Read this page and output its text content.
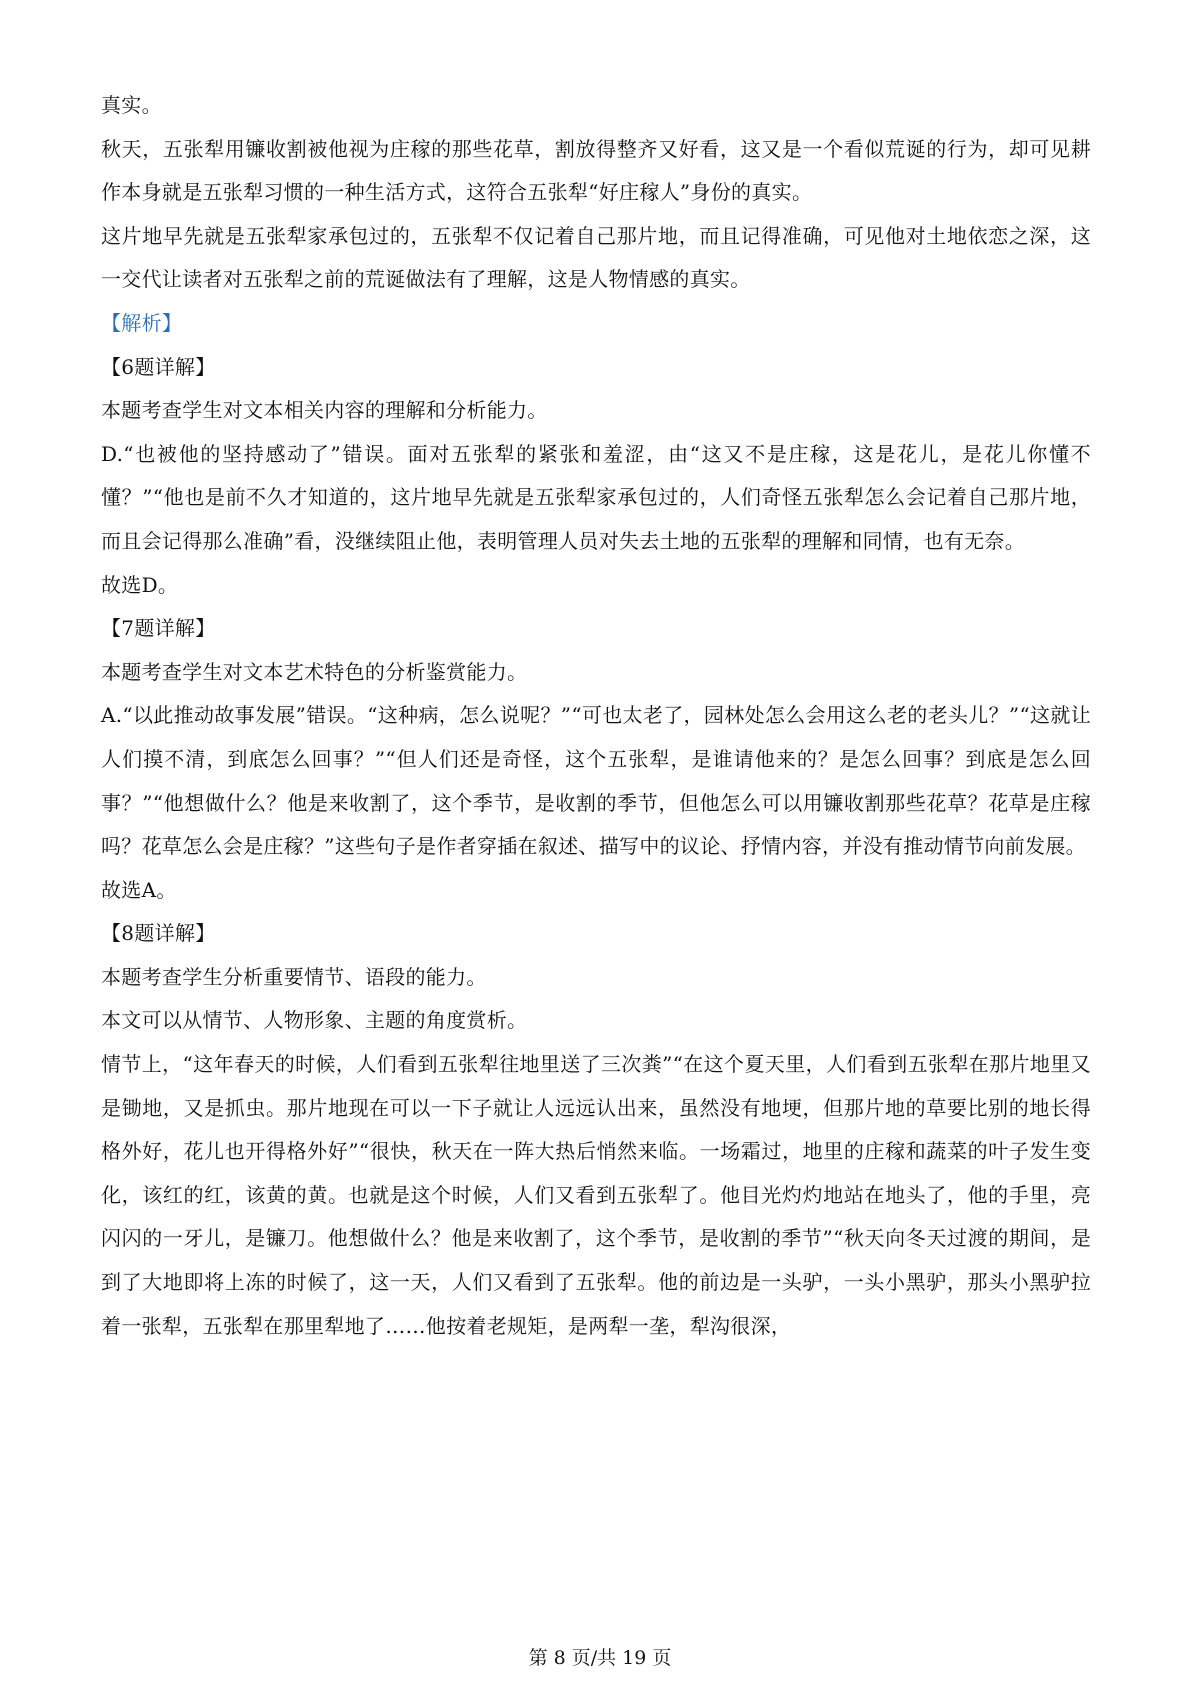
真实。

秋天，五张犁用镰收割被他视为庄稼的那些花草，割放得整齐又好看，这又是一个看似荒诞的行为，却可见耕作本身就是五张犁习惯的一种生活方式，这符合五张犁“好庄稼人”身份的真实。

这片地早先就是五张犁家承包过的，五张犁不仅记着自己那片地，而且记得准确，可见他对土地依恋之深，这一交代让读者对五张犁之前的荒诞做法有了理解，这是人物情感的真实。

【解析】

【6题详解】

本题考查学生对文本相关内容的理解和分析能力。

D.“也被他的坚持感动了”错误。面对五张犁的紧张和羞涩，由“这又不是庄稼，这是花儿，是花儿你懂不懂？”“他也是前不久才知道的，这片地早先就是五张犁家承包过的，人们奇怪五张犁怎么会记着自己那片地，而且会记得那么准确”看，没继续阻止他，表明管理人员对失去土地的五张犁的理解和同情，也有无奈。

故选D。

【7题详解】

本题考查学生对文本艺术特色的分析鉴赏能力。

A.“以此推动故事发展”错误。“这种病，怎么说呢？”“可也太老了，园林处怎么会用这么老的老头儿？”“这就让人们摸不清，到底怎么回事？”“但人们还是奇怪，这个五张犁，是谁请他来的？是怎么回事？到底是怎么回事？”“他想做什么？他是来收割了，这个季节，是收割的季节，但他怎么可以用镰收割那些花草？花草是庄稼吗？花草怎么会是庄稼？”这些句子是作者穿插在叙述、描写中的议论、抒情内容，并没有推动情节向前发展。

故选A。

【8题详解】

本题考查学生分析重要情节、语段的能力。

本文可以从情节、人物形象、主题的角度赏析。

情节上，“这年春天的时候，人们看到五张犁往地里送了三次粪”“在这个夏天里，人们看到五张犁在那片地里又是锄地，又是抓虫。那片地现在可以一下子就让人远远认出来，虽然没有地埂，但那片地的草要比别的地长得格外好，花儿也开得格外好”“很快，秋天在一阵大热后悄然来临。一场霜过，地里的庄稼和蔬菜的叶子发生变化，该红的红，该黄的黄。也就是这个时候，人们又看到五张犁了。他目光灼灼地站在地头了，他的手里，亮闪闪的一牙儿，是镰刀。他想做什么？他是来收割了，这个季节，是收割的季节”“秋天向冬天过渡的期间，是到了大地即将上冻的时候了，这一天，人们又看到了五张犁。他的前边是一头驴，一头小黑驴，那头小黑驴拉着一张犁，五张犁在那里犁地了……他按着老规矩，是两犁一垄，犁沟很深，

第 8 页/共 19 页
